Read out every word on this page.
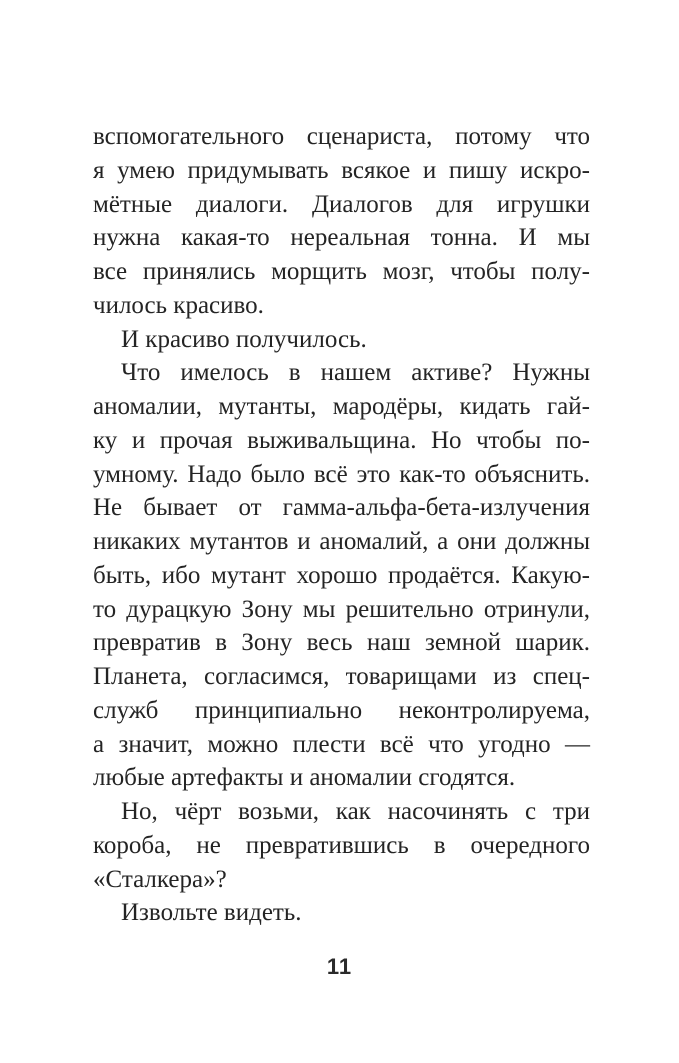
вспомогательного сценариста, потому что
я умею придумывать всякое и пишу искро-
мётные диалоги. Диалогов для игрушки
нужна какая-то нереальная тонна. И мы
все принялись морщить мозг, чтобы полу-
чилось красиво.
И красиво получилось.
Что имелось в нашем активе? Нужны
аномалии, мутанты, мародёры, кидать гай-
ку и прочая выживальщина. Но чтобы по-
умному. Надо было всё это как-то объяснить.
Не бывает от гамма-альфа-бета-излучения
никаких мутантов и аномалий, а они должны
быть, ибо мутант хорошо продаётся. Какую-
то дурацкую Зону мы решительно отринули,
превратив в Зону весь наш земной шарик.
Планета, согласимся, товарищами из спец-
служб принципиально неконтролируема,
а значит, можно плести всё что угодно —
любые артефакты и аномалии сгодятся.
Но, чёрт возьми, как насочинять с три
короба, не превратившись в очередного
«Сталкера»?
Извольте видеть.
11
